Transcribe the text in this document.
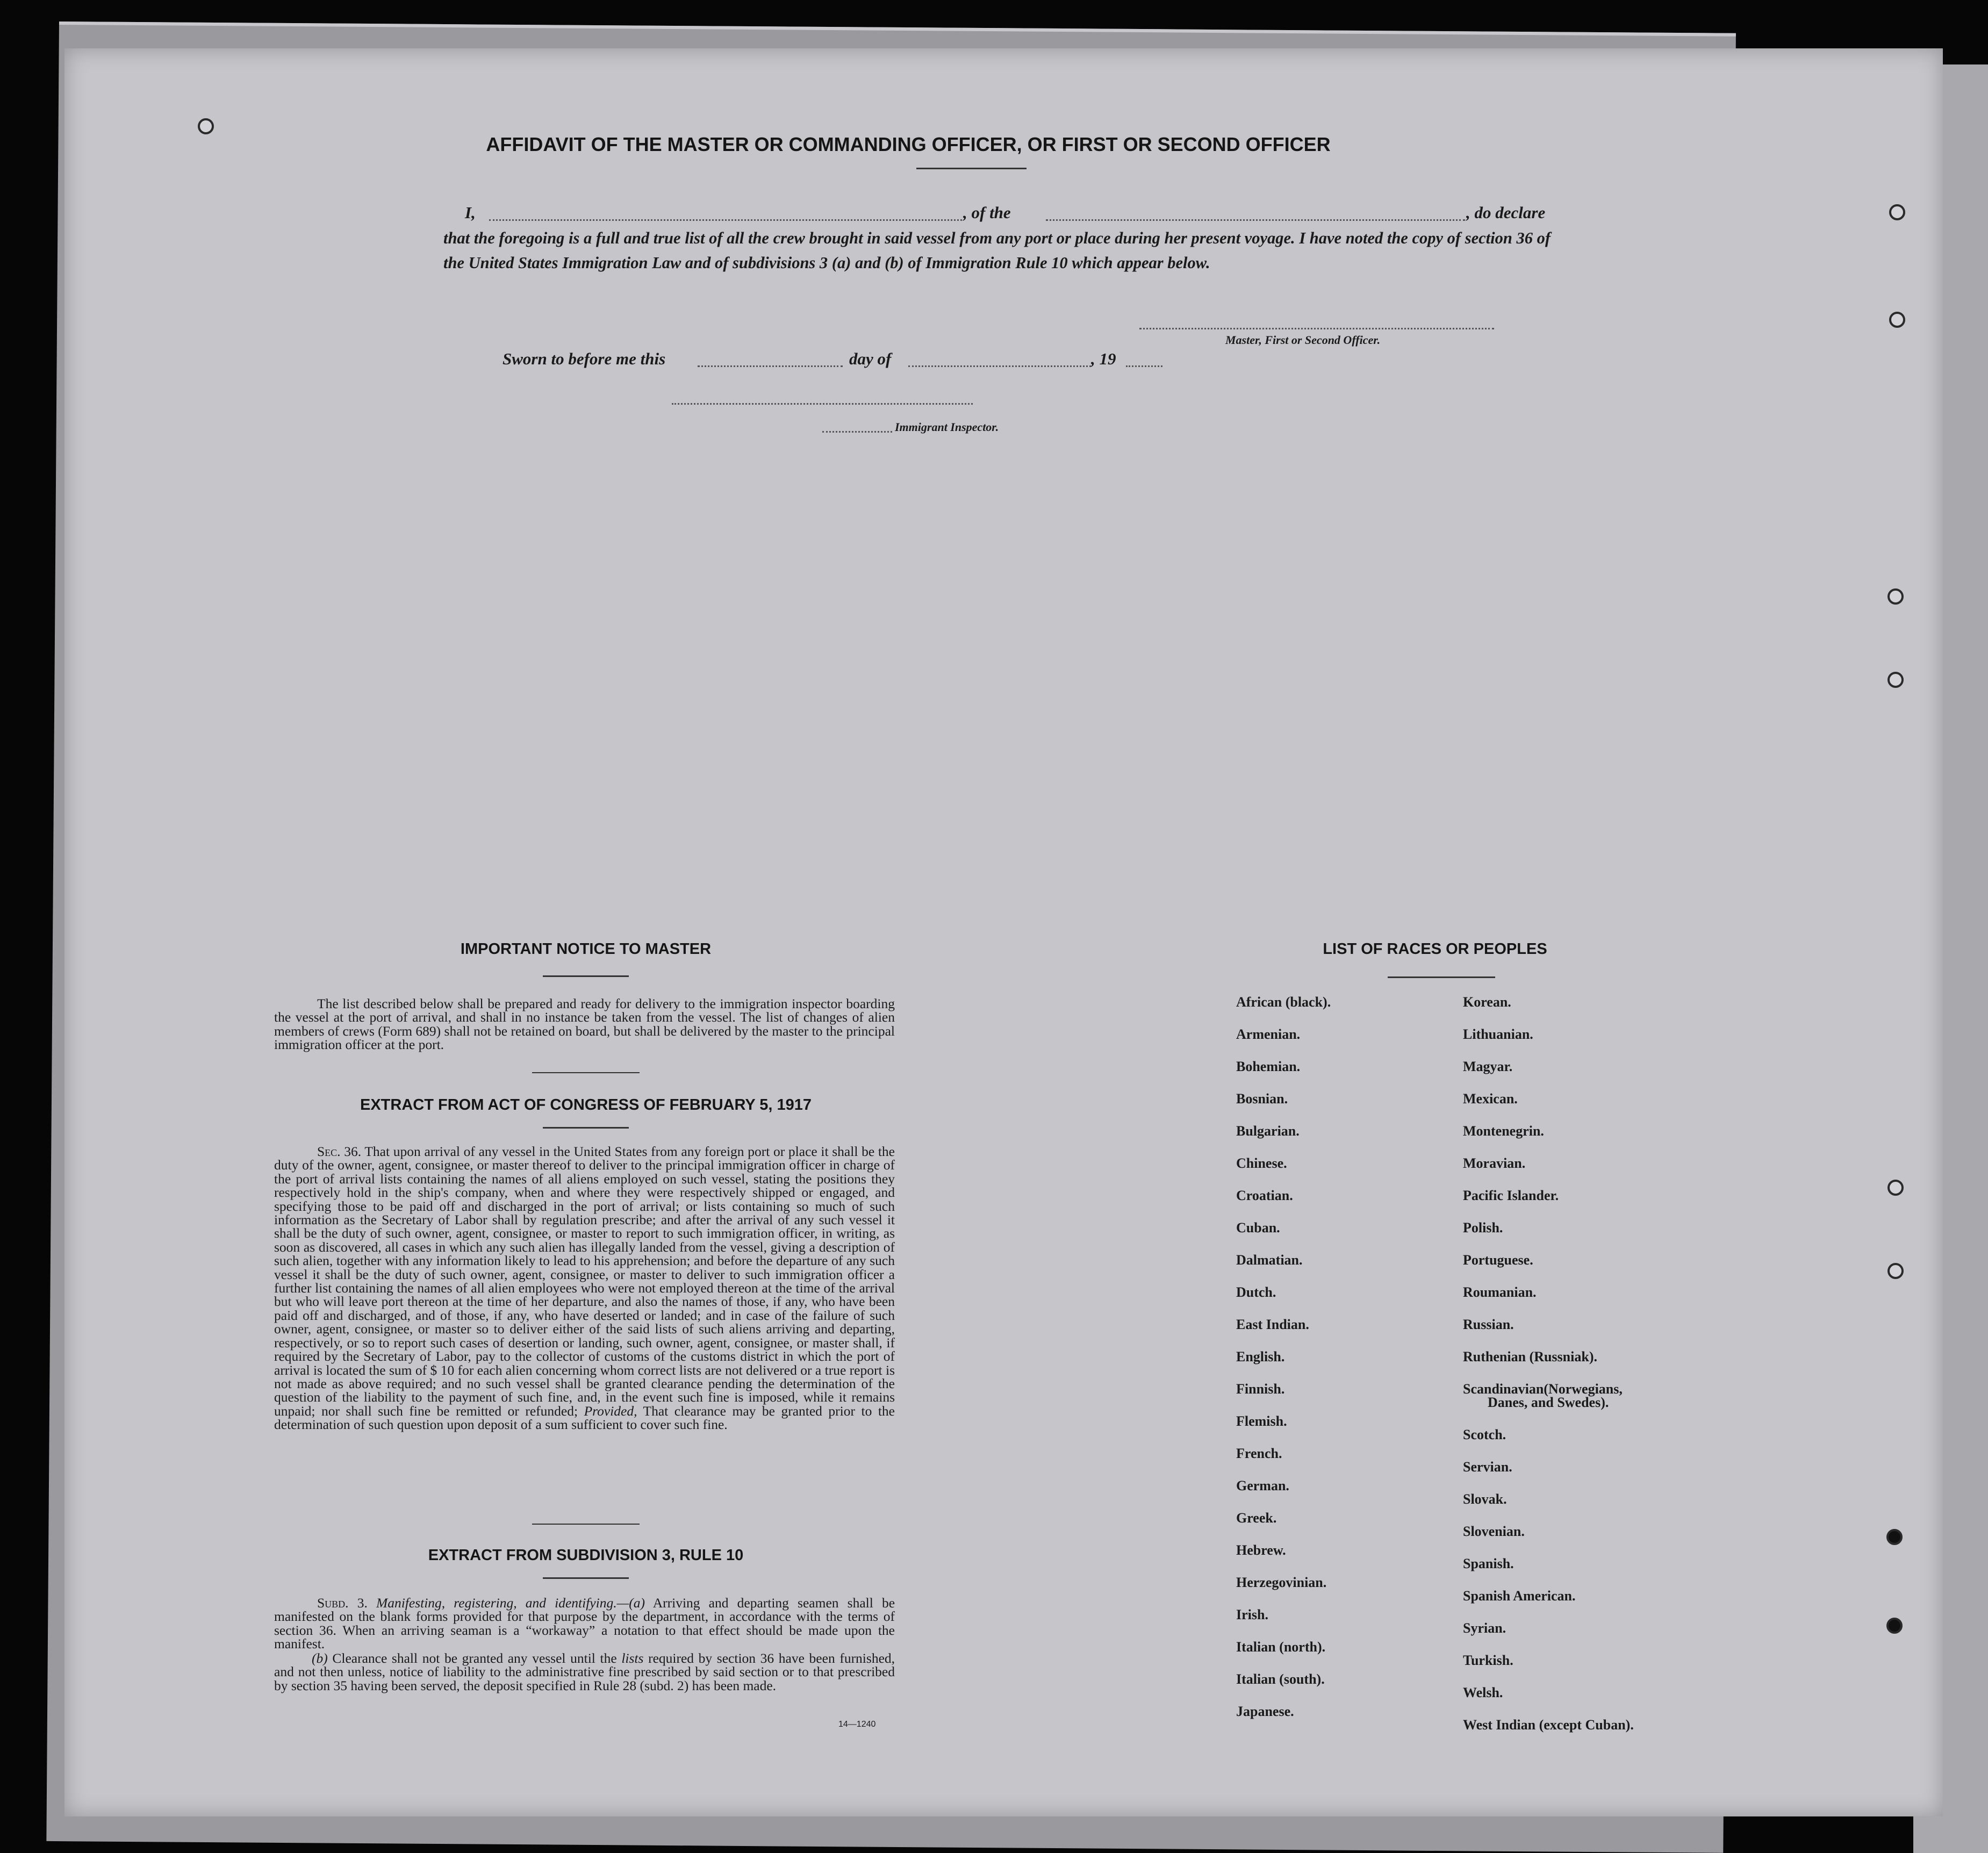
AFFIDAVIT OF THE MASTER OR COMMANDING OFFICER, OR FIRST OR SECOND OFFICER
I,	, of the	, do declare
that the foregoing is a full and true list of all the crew brought in said vessel from any port or place during her present voyage. I have noted the copy of section 36 of the United States Immigration Law and of subdivisions 3 (a) and (b) of Immigration Rule 10 which appear below.
Master, First or Second Officer.
Sworn to before me this	day of	, 19
Immigrant Inspector.
IMPORTANT NOTICE TO MASTER
The list described below shall be prepared and ready for delivery to the immigration inspector boarding the vessel at the port of arrival, and shall in no instance be taken from the vessel. The list of changes of alien members of crews (Form 689) shall not be retained on board, but shall be delivered by the master to the principal immigration officer at the port.
EXTRACT FROM ACT OF CONGRESS OF FEBRUARY 5, 1917
Sec. 36. That upon arrival of any vessel in the United States from any foreign port or place it shall be the duty of the owner, agent, consignee, or master thereof to deliver to the principal immigration officer in charge of the port of arrival lists containing the names of all aliens employed on such vessel, stating the positions they respectively hold in the ship's company, when and where they were respectively shipped or engaged, and specifying those to be paid off and discharged in the port of arrival; or lists containing so much of such information as the Secretary of Labor shall by regulation prescribe; and after the arrival of any such vessel it shall be the duty of such owner, agent, consignee, or master to report to such immigration officer, in writing, as soon as discovered, all cases in which any such alien has illegally landed from the vessel, giving a description of such alien, together with any information likely to lead to his apprehension; and before the departure of any such vessel it shall be the duty of such owner, agent, consignee, or master to deliver to such immigration officer a further list containing the names of all alien employees who were not employed thereon at the time of the arrival but who will leave port thereon at the time of her departure, and also the names of those, if any, who have been paid off and discharged, and of those, if any, who have deserted or landed; and in case of the failure of such owner, agent, consignee, or master so to deliver either of the said lists of such aliens arriving and departing, respectively, or so to report such cases of desertion or landing, such owner, agent, consignee, or master shall, if required by the Secretary of Labor, pay to the collector of customs of the customs district in which the port of arrival is located the sum of $ 10 for each alien concerning whom correct lists are not delivered or a true report is not made as above required; and no such vessel shall be granted clearance pending the determination of the question of the liability to the payment of such fine, and, in the event such fine is imposed, while it remains unpaid; nor shall such fine be remitted or refunded; Provided, That clearance may be granted prior to the determination of such question upon deposit of a sum sufficient to cover such fine.
EXTRACT FROM SUBDIVISION 3, RULE 10
Subd. 3. Manifesting, registering, and identifying.—(a) Arriving and departing seamen shall be manifested on the blank forms provided for that purpose by the department, in accordance with the terms of section 36. When an arriving seaman is a “workaway” a notation to that effect should be made upon the manifest.
(b) Clearance shall not be granted any vessel until the lists required by section 36 have been furnished, and not then unless, notice of liability to the administrative fine prescribed by said section or to that prescribed by section 35 having been served, the deposit specified in Rule 28 (subd. 2) has been made.
14—1240
LIST OF RACES OR PEOPLES
African (black).
Armenian.
Bohemian.
Bosnian.
Bulgarian.
Chinese.
Croatian.
Cuban.
Dalmatian.
Dutch.
East Indian.
English.
Finnish.
Flemish.
French.
German.
Greek.
Hebrew.
Herzegovinian.
Irish.
Italian (north).
Italian (south).
Japanese.
Korean.
Lithuanian.
Magyar.
Mexican.
Montenegrin.
Moravian.
Pacific Islander.
Polish.
Portuguese.
Roumanian.
Russian.
Ruthenian (Russniak).
Scandinavian(Norwegians,
Danes, and Swedes).
Scotch.
Servian.
Slovak.
Slovenian.
Spanish.
Spanish American.
Syrian.
Turkish.
Welsh.
West Indian (except Cuban).
